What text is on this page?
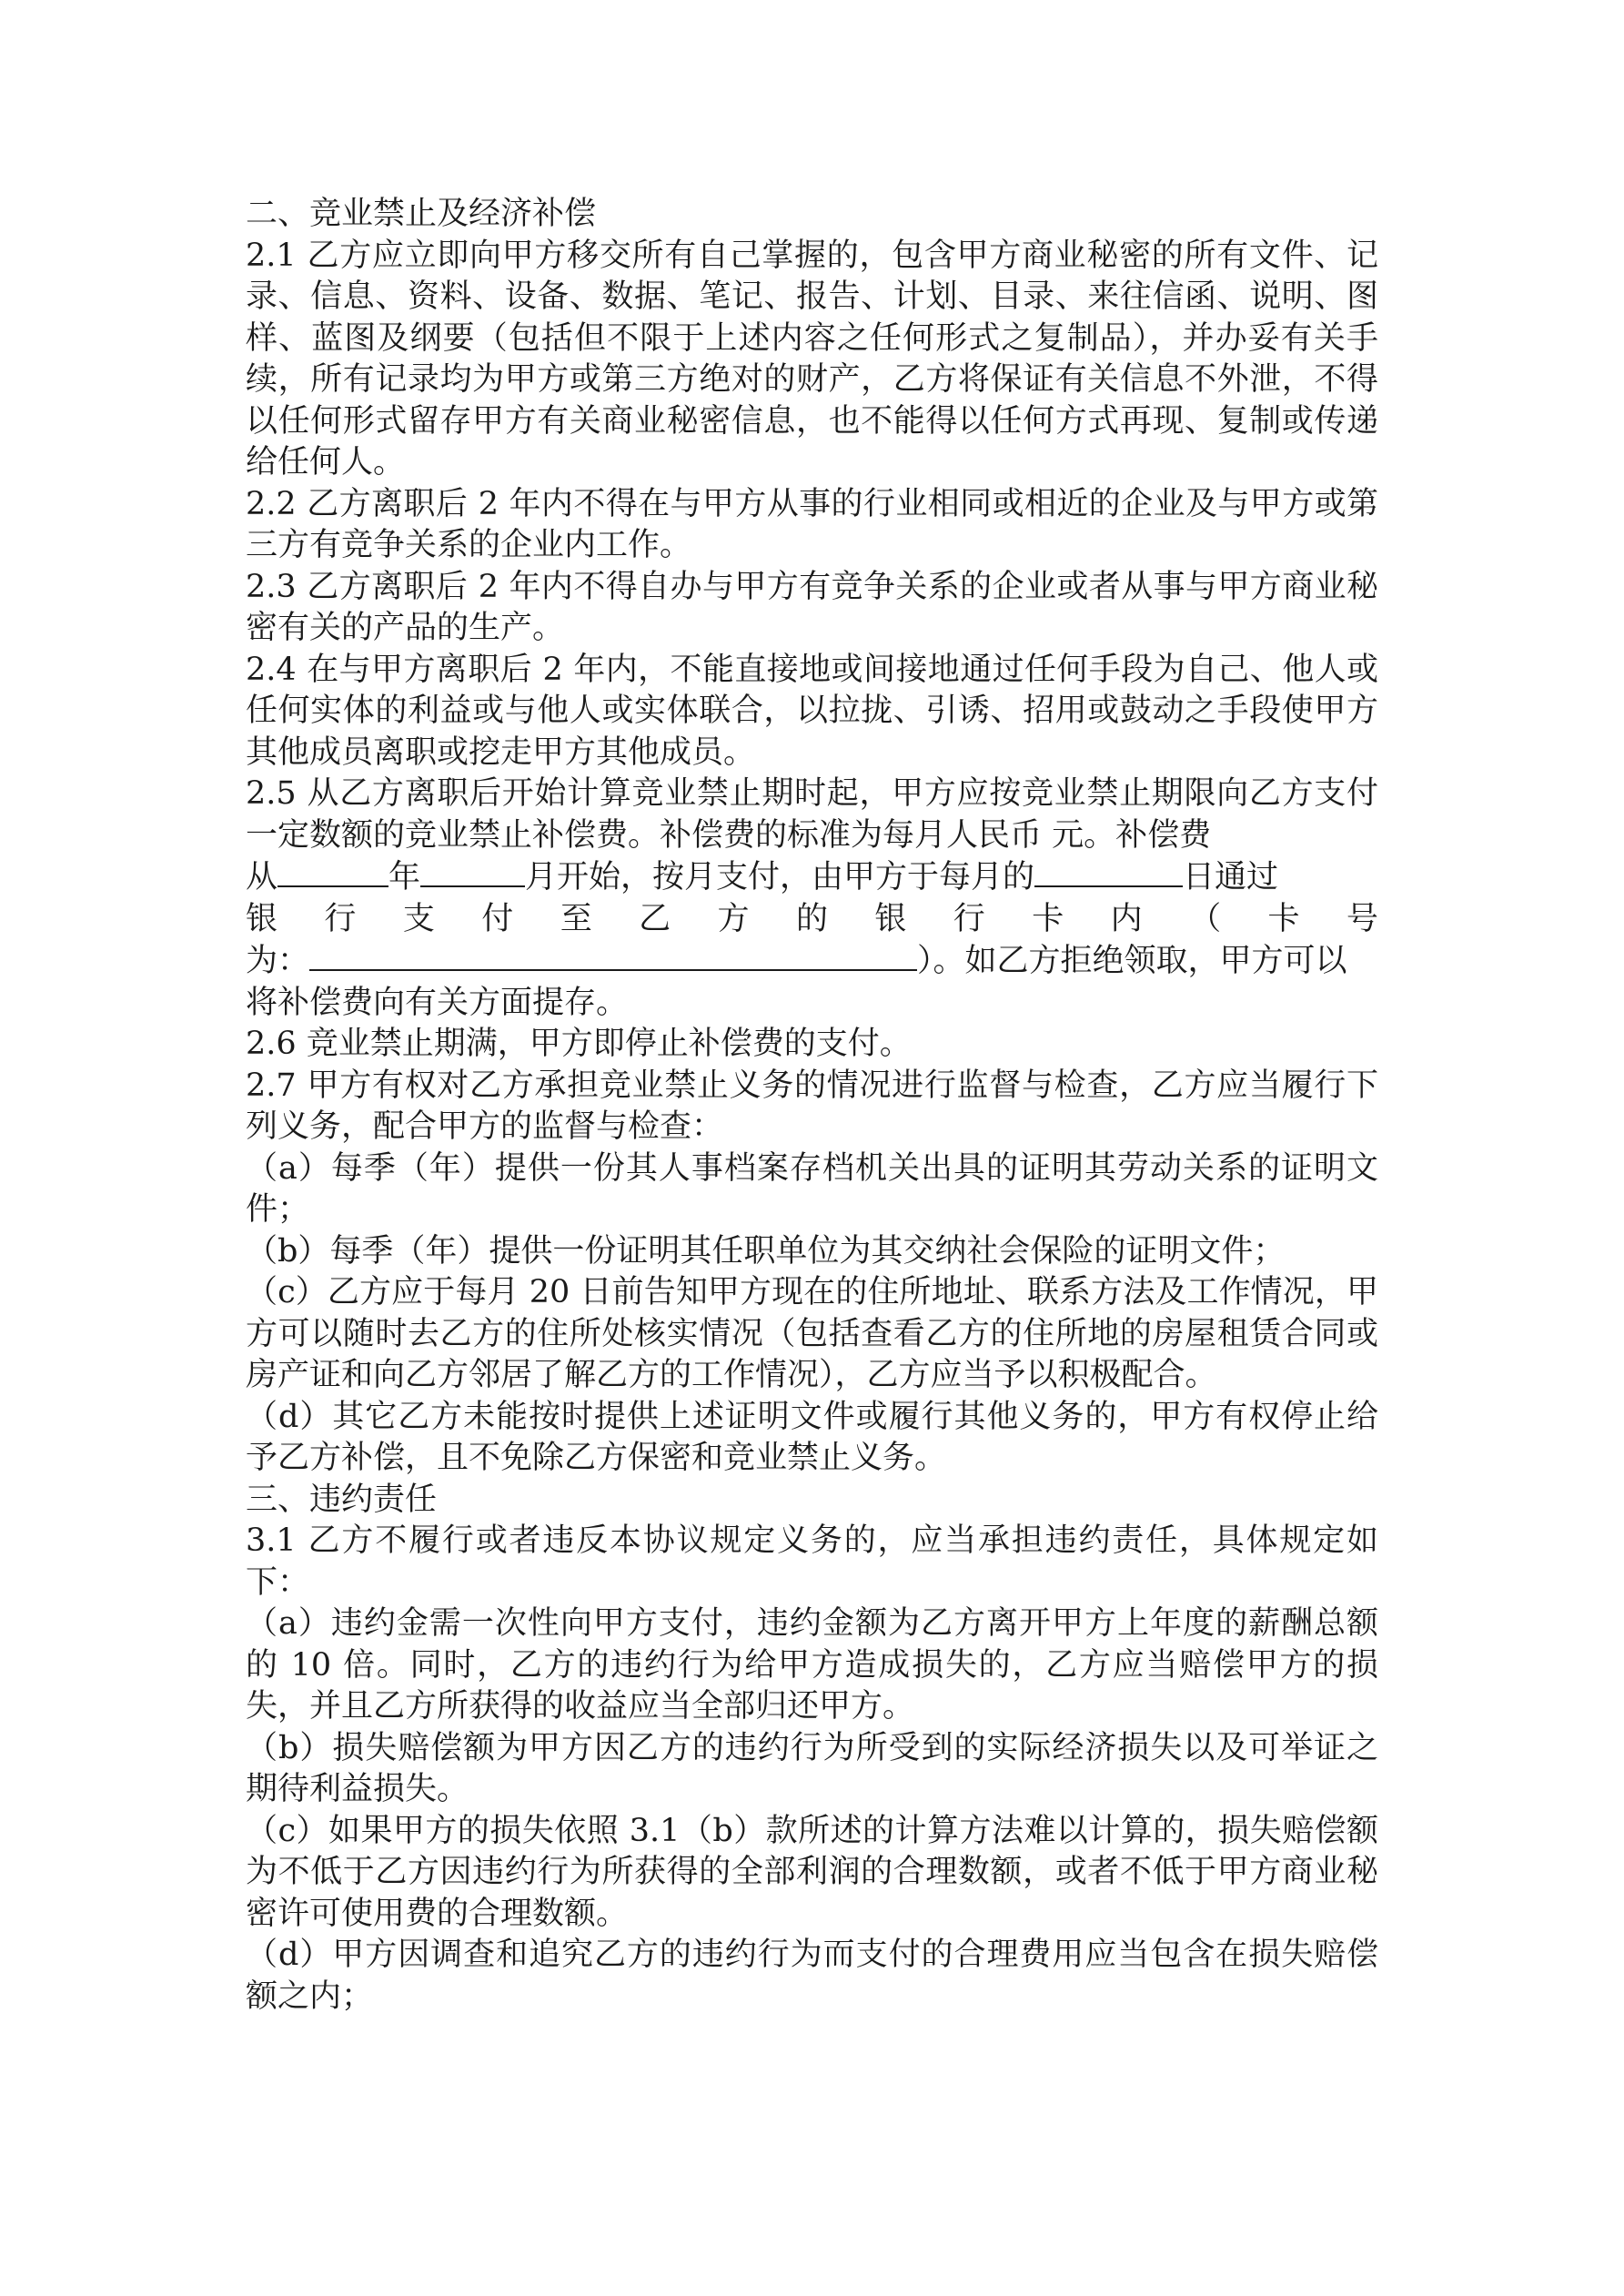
二、竞业禁止及经济补偿

2.1 乙方应立即向甲方移交所有自己掌握的，包含甲方商业秘密的所有文件、记录、信息、资料、设备、数据、笔记、报告、计划、目录、来往信函、说明、图样、蓝图及纲要（包括但不限于上述内容之任何形式之复制品），并办妥有关手续，所有记录均为甲方或第三方绝对的财产，乙方将保证有关信息不外泄，不得以任何形式留存甲方有关商业秘密信息，也不能得以任何方式再现、复制或传递给任何人。

2.2 乙方离职后 2 年内不得在与甲方从事的行业相同或相近的企业及与甲方或第三方有竞争关系的企业内工作。

2.3 乙方离职后 2 年内不得自办与甲方有竞争关系的企业或者从事与甲方商业秘密有关的产品的生产。

2.4 在与甲方离职后 2 年内，不能直接地或间接地通过任何手段为自己、他人或任何实体的利益或与他人或实体联合，以拉拢、引诱、招用或鼓动之手段使甲方其他成员离职或挖走甲方其他成员。

2.5 从乙方离职后开始计算竞业禁止期时起，甲方应按竞业禁止期限向乙方支付一定数额的竞业禁止补偿费。补偿费的标准为每月人民币 元。补偿费

从	年	月开始，按月支付，由甲方于每月的	日通过
银 行 支 付 至 乙 方 的 银 行 卡 内 （ 卡 号
为：	）。如乙方拒绝领取，甲方可以

将补偿费向有关方面提存。

2.6 竞业禁止期满，甲方即停止补偿费的支付。

2.7 甲方有权对乙方承担竞业禁止义务的情况进行监督与检查，乙方应当履行下列义务，配合甲方的监督与检查：

（a）每季（年）提供一份其人事档案存档机关出具的证明其劳动关系的证明文件；

（b）每季（年）提供一份证明其任职单位为其交纳社会保险的证明文件；

（c）乙方应于每月 20 日前告知甲方现在的住所地址、联系方法及工作情况，甲方可以随时去乙方的住所处核实情况（包括查看乙方的住所地的房屋租赁合同或房产证和向乙方邻居了解乙方的工作情况），乙方应当予以积极配合。

（d）其它乙方未能按时提供上述证明文件或履行其他义务的，甲方有权停止给予乙方补偿，且不免除乙方保密和竞业禁止义务。

三、违约责任

3.1 乙方不履行或者违反本协议规定义务的，应当承担违约责任，具体规定如下：

（a）违约金需一次性向甲方支付，违约金额为乙方离开甲方上年度的薪酬总额的 10 倍。同时，乙方的违约行为给甲方造成损失的，乙方应当赔偿甲方的损失，并且乙方所获得的收益应当全部归还甲方。

（b）损失赔偿额为甲方因乙方的违约行为所受到的实际经济损失以及可举证之期待利益损失。

（c）如果甲方的损失依照 3.1（b）款所述的计算方法难以计算的，损失赔偿额为不低于乙方因违约行为所获得的全部利润的合理数额，或者不低于甲方商业秘密许可使用费的合理数额。

（d）甲方因调查和追究乙方的违约行为而支付的合理费用应当包含在损失赔偿额之内；
